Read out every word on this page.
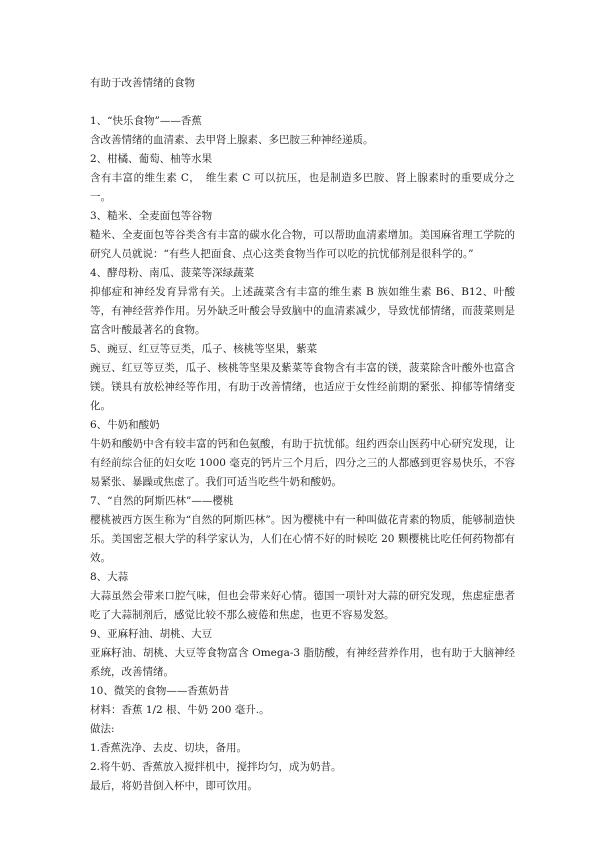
有助于改善情绪的食物

1、“快乐食物”——香蕉

含改善情绪的血清素、去甲肾上腺素、多巴胺三种神经递质。

2、柑橘、葡萄、柚等水果

含有丰富的维生素 C，　维生素 C 可以抗压，也是制造多巴胺、肾上腺素时的重要成分之一。

3、糙米、全麦面包等谷物

糙米、全麦面包等谷类含有丰富的碳水化合物，可以帮助血清素增加。美国麻省理工学院的研究人员就说：“有些人把面食、点心这类食物当作可以吃的抗忧郁剂是很科学的。”

4、酵母粉、南瓜、菠菜等深绿蔬菜

抑郁症和神经发育异常有关。上述蔬菜含有丰富的维生素 B 族如维生素 B6、B12、叶酸等，有神经营养作用。另外缺乏叶酸会导致脑中的血清素减少，导致忧郁情绪，而菠菜则是富含叶酸最著名的食物。

5、豌豆、红豆等豆类，瓜子、核桃等坚果，紫菜

豌豆、红豆等豆类，瓜子、核桃等坚果及紫菜等食物含有丰富的镁，菠菜除含叶酸外也富含镁。镁具有放松神经等作用，有助于改善情绪，也适应于女性经前期的紧张、抑郁等情绪变化。

6、牛奶和酸奶

牛奶和酸奶中含有较丰富的钙和色氨酸，有助于抗忧郁。纽约西奈山医药中心研究发现，让有经前综合征的妇女吃 1000 毫克的钙片三个月后，四分之三的人都感到更容易快乐，不容易紧张、暴躁或焦虑了。我们可适当吃些牛奶和酸奶。

7、“自然的阿斯匹林”——樱桃

樱桃被西方医生称为“自然的阿斯匹林”。因为樱桃中有一种叫做花青素的物质，能够制造快乐。美国密芝根大学的科学家认为，人们在心情不好的时候吃 20 颗樱桃比吃任何药物都有效。

8、大蒜

大蒜虽然会带来口腔气味，但也会带来好心情。德国一项针对大蒜的研究发现，焦虑症患者吃了大蒜制剂后，感觉比较不那么疲倦和焦虑，也更不容易发怒。

9、亚麻籽油、胡桃、大豆

亚麻籽油、胡桃、大豆等食物富含 Omega-3 脂肪酸，有神经营养作用，也有助于大脑神经系统，改善情绪。

10、微笑的食物——香蕉奶昔

材料：香蕉 1/2 根、牛奶 200 毫升.。

做法:

1.香蕉洗净、去皮、切块，备用。

2.将牛奶、香蕉放入搅拌机中，搅拌均匀，成为奶昔。

最后，将奶昔倒入杯中，即可饮用。
